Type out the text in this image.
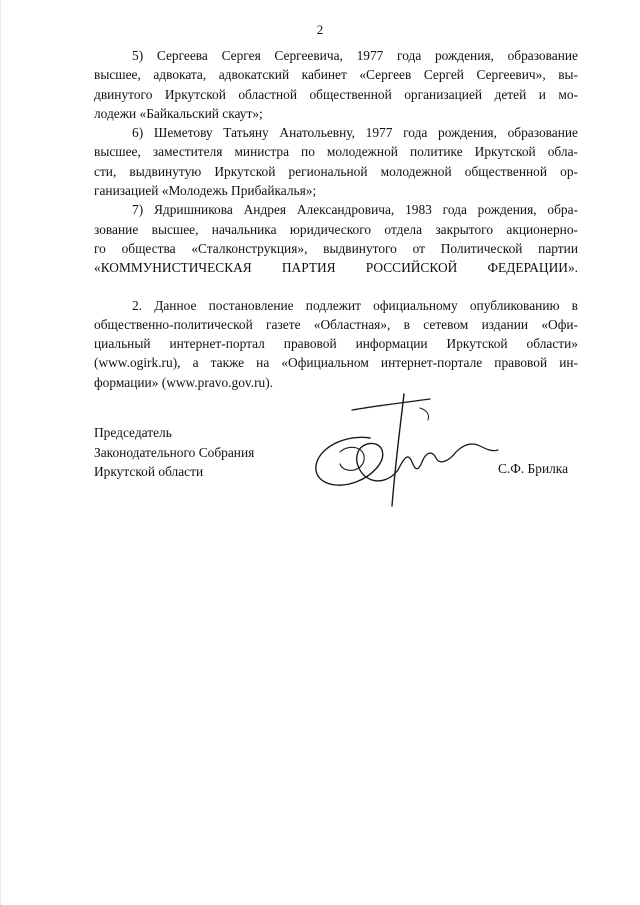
2

5) Сергеева Сергея Сергеевича, 1977 года рождения, образование
высшее, адвоката, адвокатский кабинет «Сергеев Сергей Сергеевич», вы-
двинутого Иркутской областной общественной организацией детей и мо-
лодежи «Байкальский скаут»;

6) Шеметову Татьяну Анатольевну, 1977 года рождения, образование
высшее, заместителя министра по молодежной политике Иркутской обла-
сти, выдвинутую Иркутской региональной молодежной общественной ор-
ганизацией «Молодежь Прибайкалья»;

7) Ядришникова Андрея Александровича, 1983 года рождения, обра-
зование высшее, начальника юридического отдела закрытого акционерно-
го общества «Сталконструкция», выдвинутого от Политической партии
«КОММУНИСТИЧЕСКАЯ ПАРТИЯ РОССИЙСКОЙ ФЕДЕРАЦИИ».

2. Данное постановление подлежит официальному опубликованию в
общественно-политической газете «Областная», в сетевом издании «Офи-
циальный интернет-портал правовой информации Иркутской области»
(www.ogirk.ru), а также на «Официальном интернет-портале правовой ин-
формации» (www.pravo.gov.ru).

Председатель
Законодательного Собрания
Иркутской области	С.Ф. Брилка
